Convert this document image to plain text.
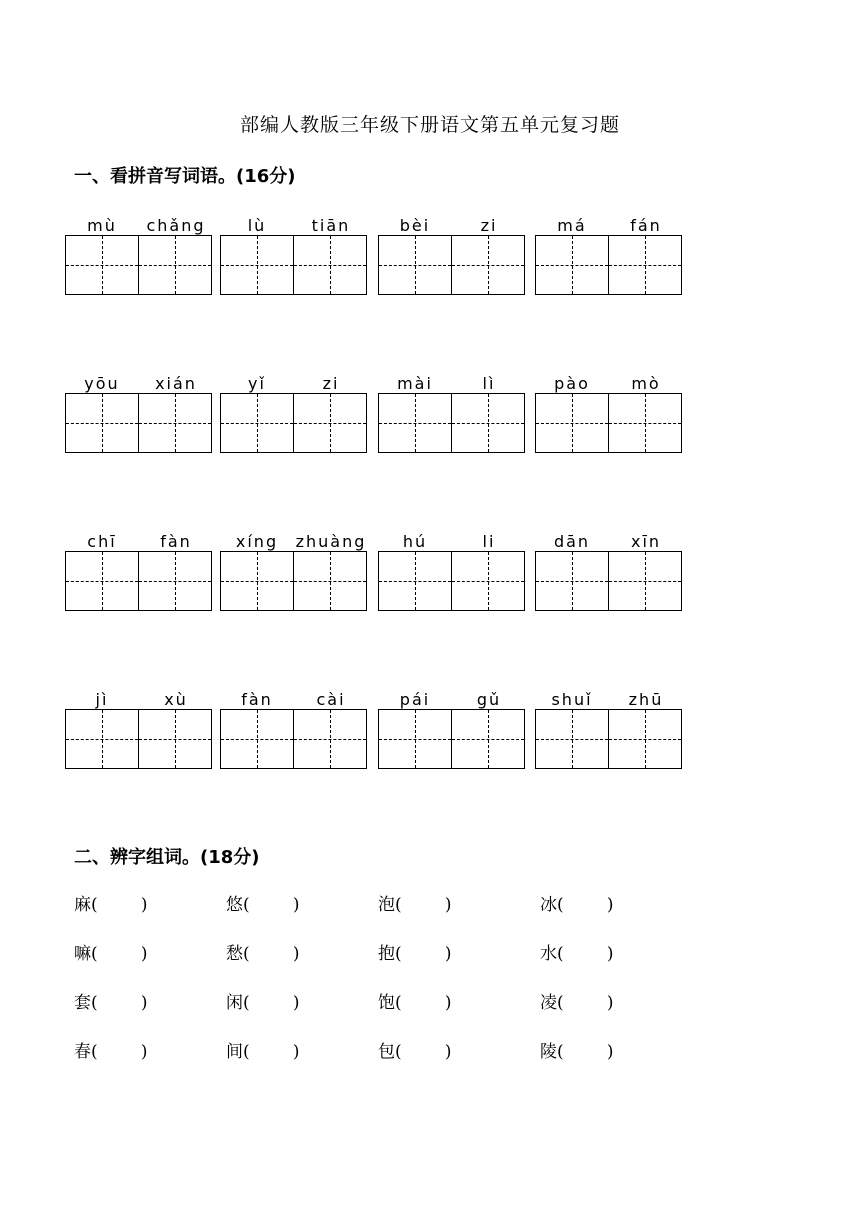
部编人教版三年级下册语文第五单元复习题
一、看拼音写词语。(16分)
mù	chǎng	lù	tiān	bèi	zi	má	fán
yōu	xián	yǐ	zi	mài	lì	pào	mò
chī	fàn	xíng	zhuàng	hú	li	dān	xīn
jì	xù	fàn	cài	pái	gǔ	shuǐ	zhū
二、辨字组词。(18分)
麻(        )	悠(        )	泡(        )	冰(        )
嘛(        )	愁(        )	抱(        )	水(        )
套(        )	闲(        )	饱(        )	凌(        )
春(        )	间(        )	包(        )	陵(        )
